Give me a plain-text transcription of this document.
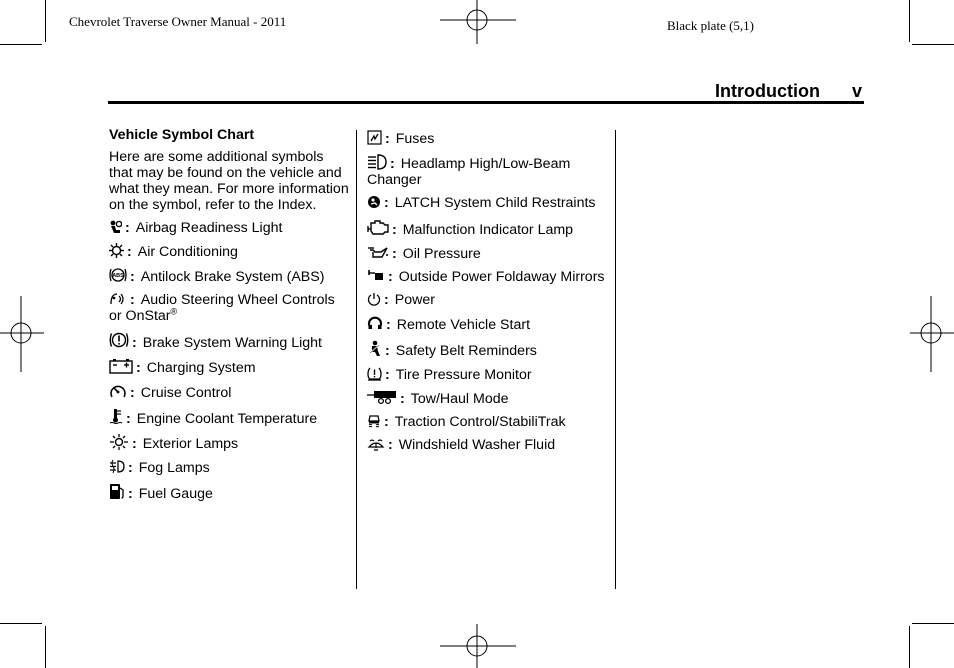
Chevrolet Traverse Owner Manual - 2011	Black plate (5,1)
Introduction v
Vehicle Symbol Chart
Here are some additional symbols that may be found on the vehicle and what they mean. For more information on the symbol, refer to the Index.
: Airbag Readiness Light
: Air Conditioning
ABS : Antilock Brake System (ABS)
: Audio Steering Wheel Controls or OnStar®
: Brake System Warning Light
: Charging System
: Cruise Control
: Engine Coolant Temperature
: Exterior Lamps
: Fog Lamps
: Fuel Gauge
: Fuses
: Headlamp High/Low-Beam Changer
: LATCH System Child Restraints
: Malfunction Indicator Lamp
: Oil Pressure
: Outside Power Foldaway Mirrors
: Power
: Remote Vehicle Start
: Safety Belt Reminders
: Tire Pressure Monitor
: Tow/Haul Mode
: Traction Control/StabiliTrak
: Windshield Washer Fluid
